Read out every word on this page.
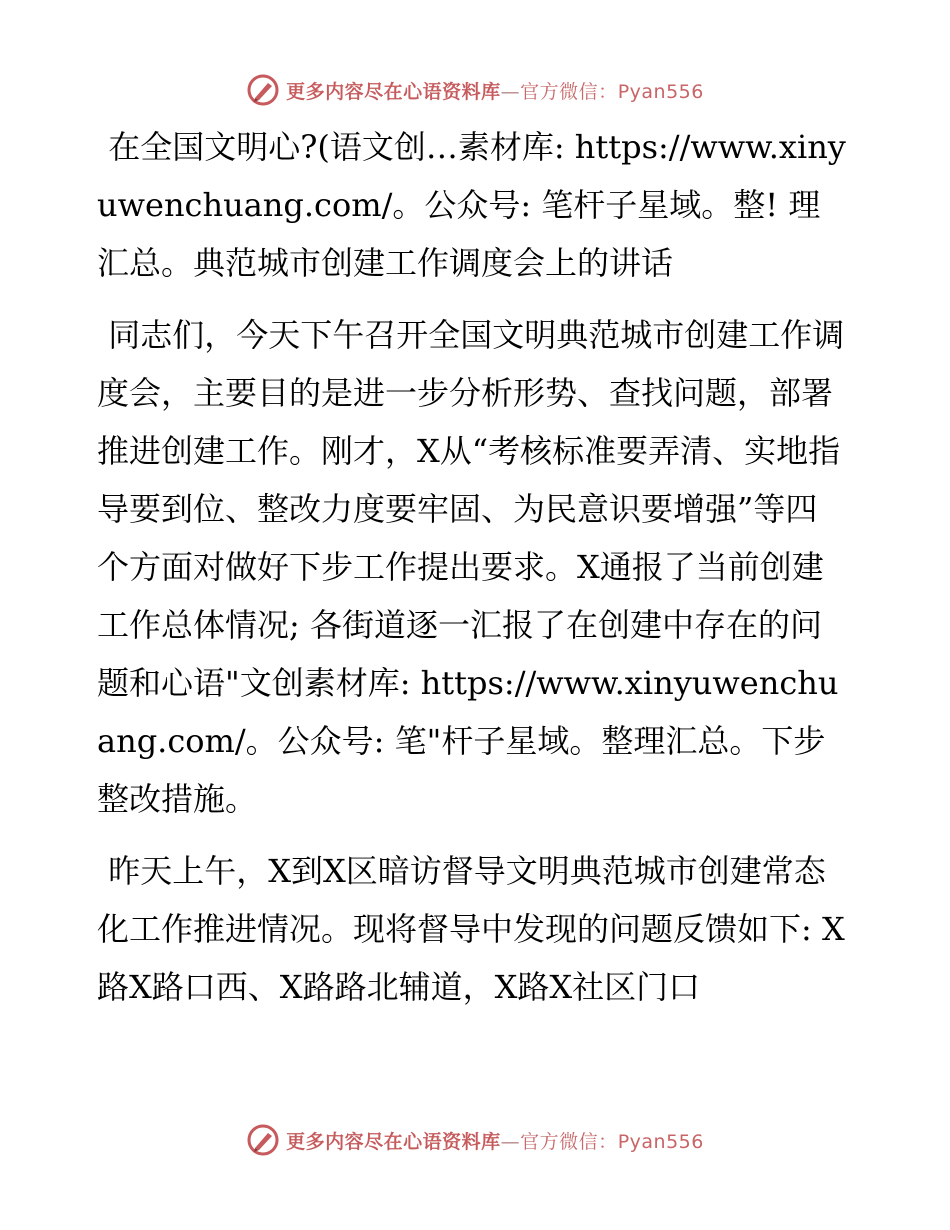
更多内容尽在心语资料库—官方微信：Pyan556

在全国文明心?(语文创…素材库: https://www.xinyuwenchuang.com/。公众号: 笔杆子星域。整! 理汇总。典范城市创建工作调度会上的讲话

同志们，今天下午召开全国文明典范城市创建工作调度会，主要目的是进一步分析形势、查找问题，部署推进创建工作。刚才，X从“考核标准要弄清、实地指导要到位、整改力度要牢固、为民意识要增强”等四个方面对做好下步工作提出要求。X通报了当前创建工作总体情况; 各街道逐一汇报了在创建中存在的问题和心语"文创素材库: https://www.xinyuwenchuang.com/。公众号: 笔"杆子星域。整理汇总。下步整改措施。

昨天上午，X到X区暗访督导文明典范城市创建常态化工作推进情况。现将督导中发现的问题反馈如下: X路X路口西、X路路北辅道，X路X社区门口

更多内容尽在心语资料库—官方微信：Pyan556
